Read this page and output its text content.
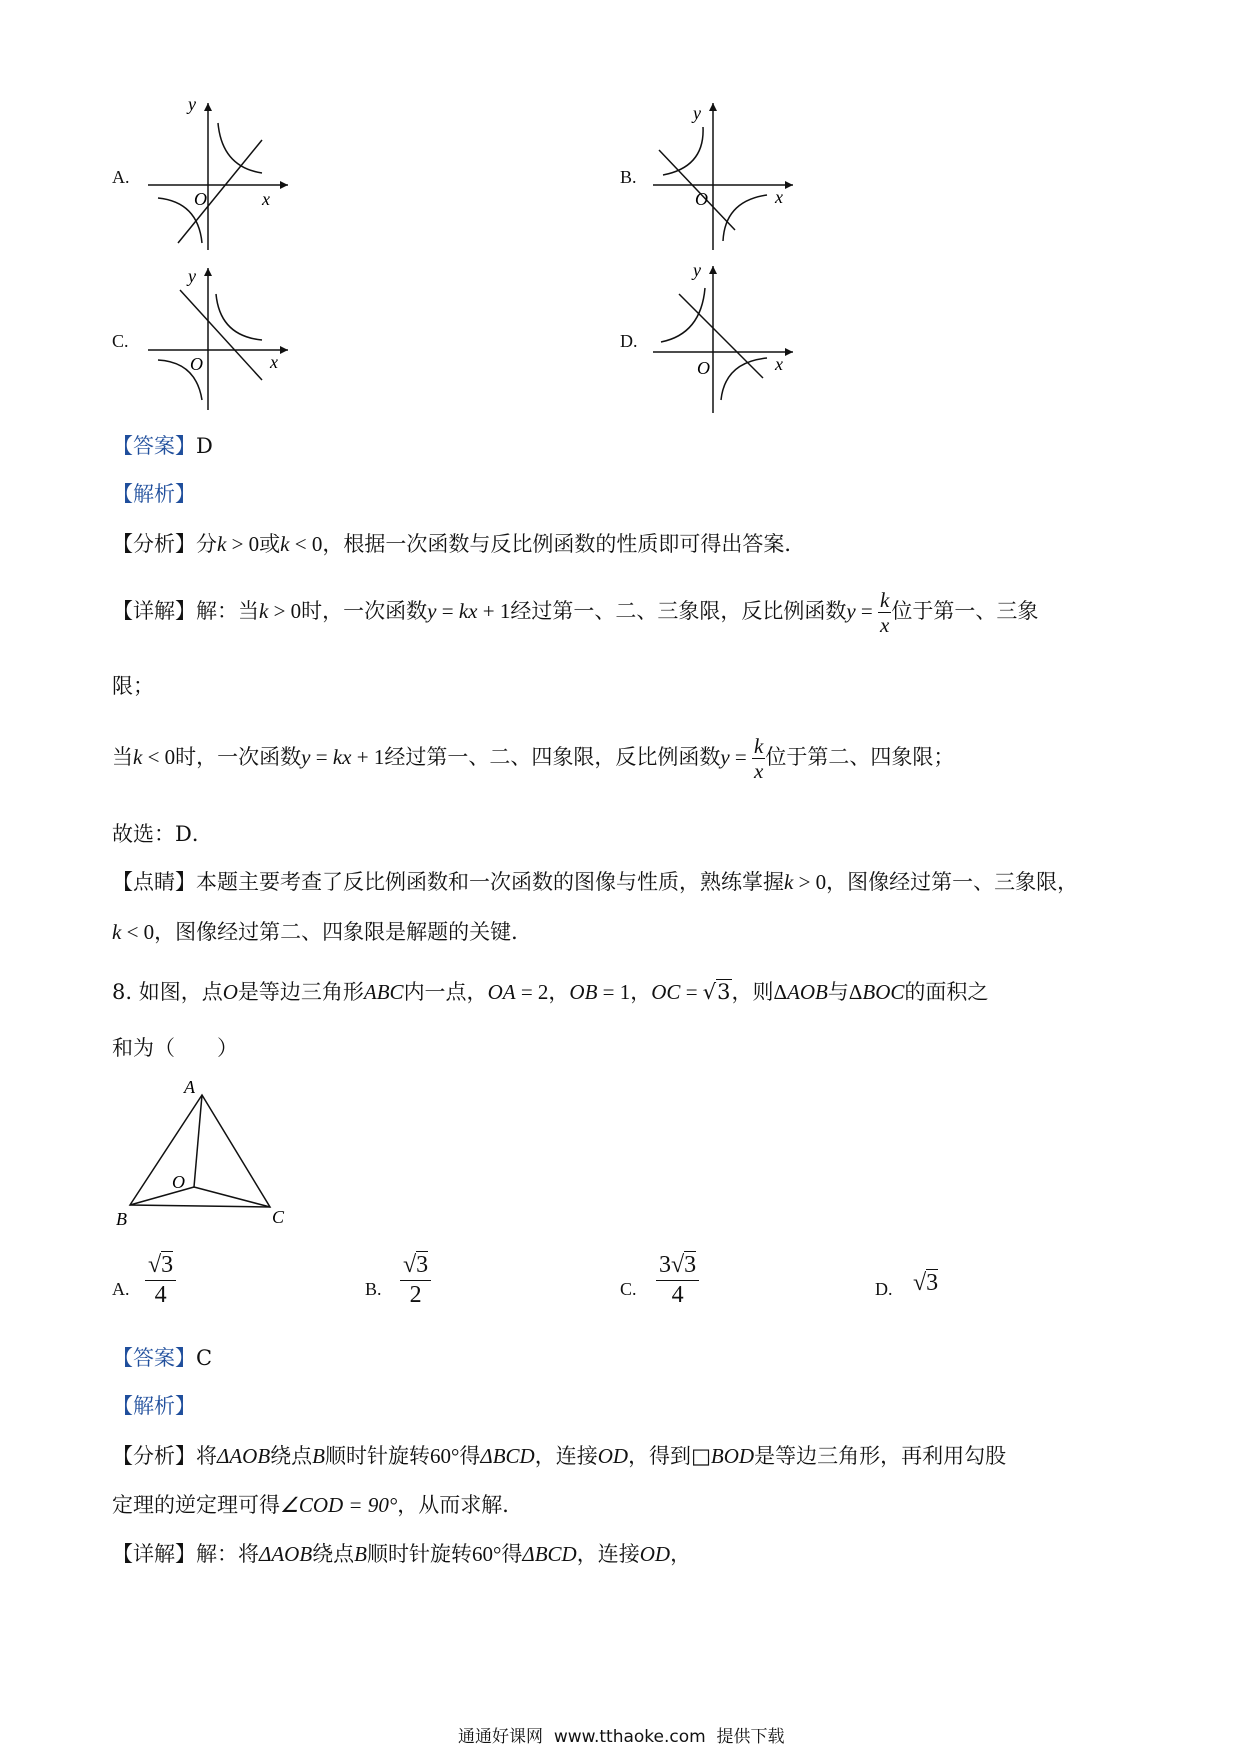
A.
y
O	x
B.
y
O	x
C.
y
O	x
D.
y
O	x
【答案】D
【解析】
【分析】分k > 0或k < 0，根据一次函数与反比例函数的性质即可得出答案．
【详解】解：当k > 0时，一次函数y = kx + 1经过第一、二、三象限，反比例函数$y = \frac{k}{x}$ 位于第一、三象
限；
当k < 0时，一次函数y = kx + 1经过第一、二、四象限，反比例函数$y = \frac{k}{x}$ 位于第二、四象限；
故选：D．
【点睛】本题主要考查了反比例函数和一次函数的图像与性质，熟练掌握k > 0，图像经过第一、三象限，
k < 0，图像经过第二、四象限是解题的关键．
8. 如图，点O是等边三角形ABC内一点，OA = 2，OB = 1，OC = √3，则ΔAOB与ΔBOC的面积之
和为（　　）
A
O
B	C
A.
√3
4	B.
√3
2	C.
3√3
4	D. √3
【答案】C
【解析】
【分析】将ΔAOB绕点B顺时针旋转60°得ΔBCD，连接OD，得到□BOD是等边三角形，再利用勾股
定理的逆定理可得∠COD = 90°，从而求解．
【详解】解：将ΔAOB绕点B顺时针旋转60°得ΔBCD，连接OD，
通通好课网 www.tthaoke.com 提供下载
